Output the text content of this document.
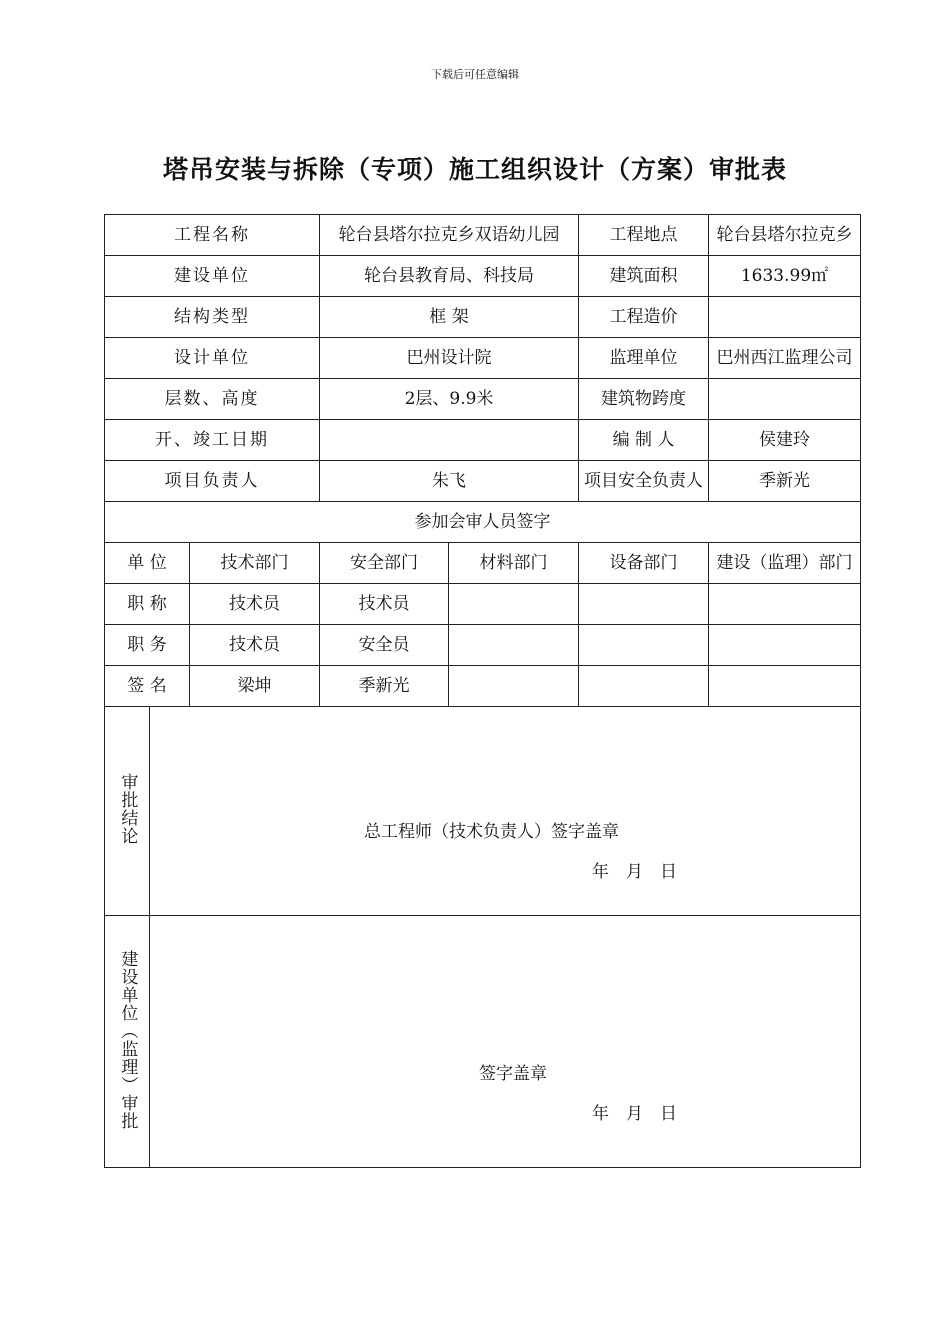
下载后可任意编辑
塔吊安装与拆除（专项）施工组织设计（方案）审批表
工程名称			轮台县塔尔拉克乡双语幼儿园		工程地点	轮台县塔尔拉克乡
建设单位			轮台县教育局、科技局		建筑面积	1633.99㎡
结构类型			框 架		工程造价	
设计单位			巴州设计院		监理单位	巴州西江监理公司
层数、高度			2层、9.9米		建筑物跨度	
开、竣工日期					编 制 人	侯建玲
项目负责人			朱飞		项目安全负责人	季新光
参加会审人员签字						
单 位		技术部门	安全部门	材料部门	设备部门	建设（监理）部门
职 称		技术员	技术员			
职 务		技术员	安全员			
签 名		梁坤	季新光			
审批结论	总工程师（技术负责人）签字盖章
年　月　日					

建设单位（监理）审批	签字盖章
年　月　日					
